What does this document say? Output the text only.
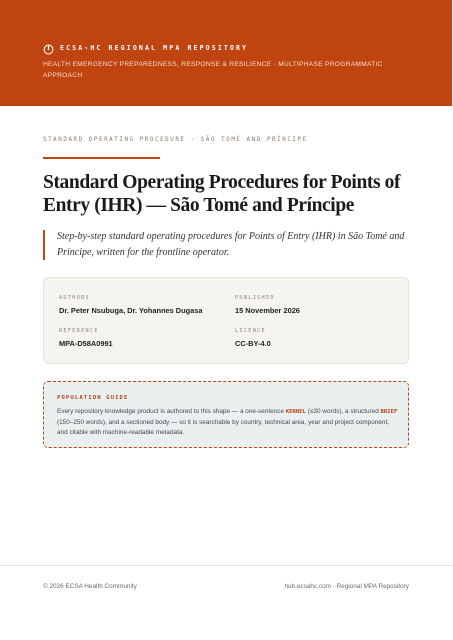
ECSA-HC REGIONAL MPA REPOSITORY
HEALTH EMERGENCY PREPAREDNESS, RESPONSE & RESILIENCE · MULTIPHASE PROGRAMMATIC APPROACH
STANDARD OPERATING PROCEDURE · SÃO TOMÉ AND PRÍNCIPE
Standard Operating Procedures for Points of Entry (IHR) — São Tomé and Príncipe

Step-by-step standard operating procedures for Points of Entry (IHR) in São Tomé and Príncipe, written for the frontline operator.

AUTHORS
Dr. Peter Nsubuga, Dr. Yohannes Dugasa
PUBLISHED
15 November 2026
REFERENCE
MPA-D58A0991
LICENCE
CC-BY-4.0
POPULATION GUIDE

Every repository knowledge product is authored to this shape — a one-sentence KERNEL (≤30 words), a structured BRIEF (150–250 words), and a sectioned body — so it is searchable by country, technical area, year and project component, and citable with machine-readable metadata.

© 2026 ECSA Health Community	hub.ecsahc.com · Regional MPA Repository
